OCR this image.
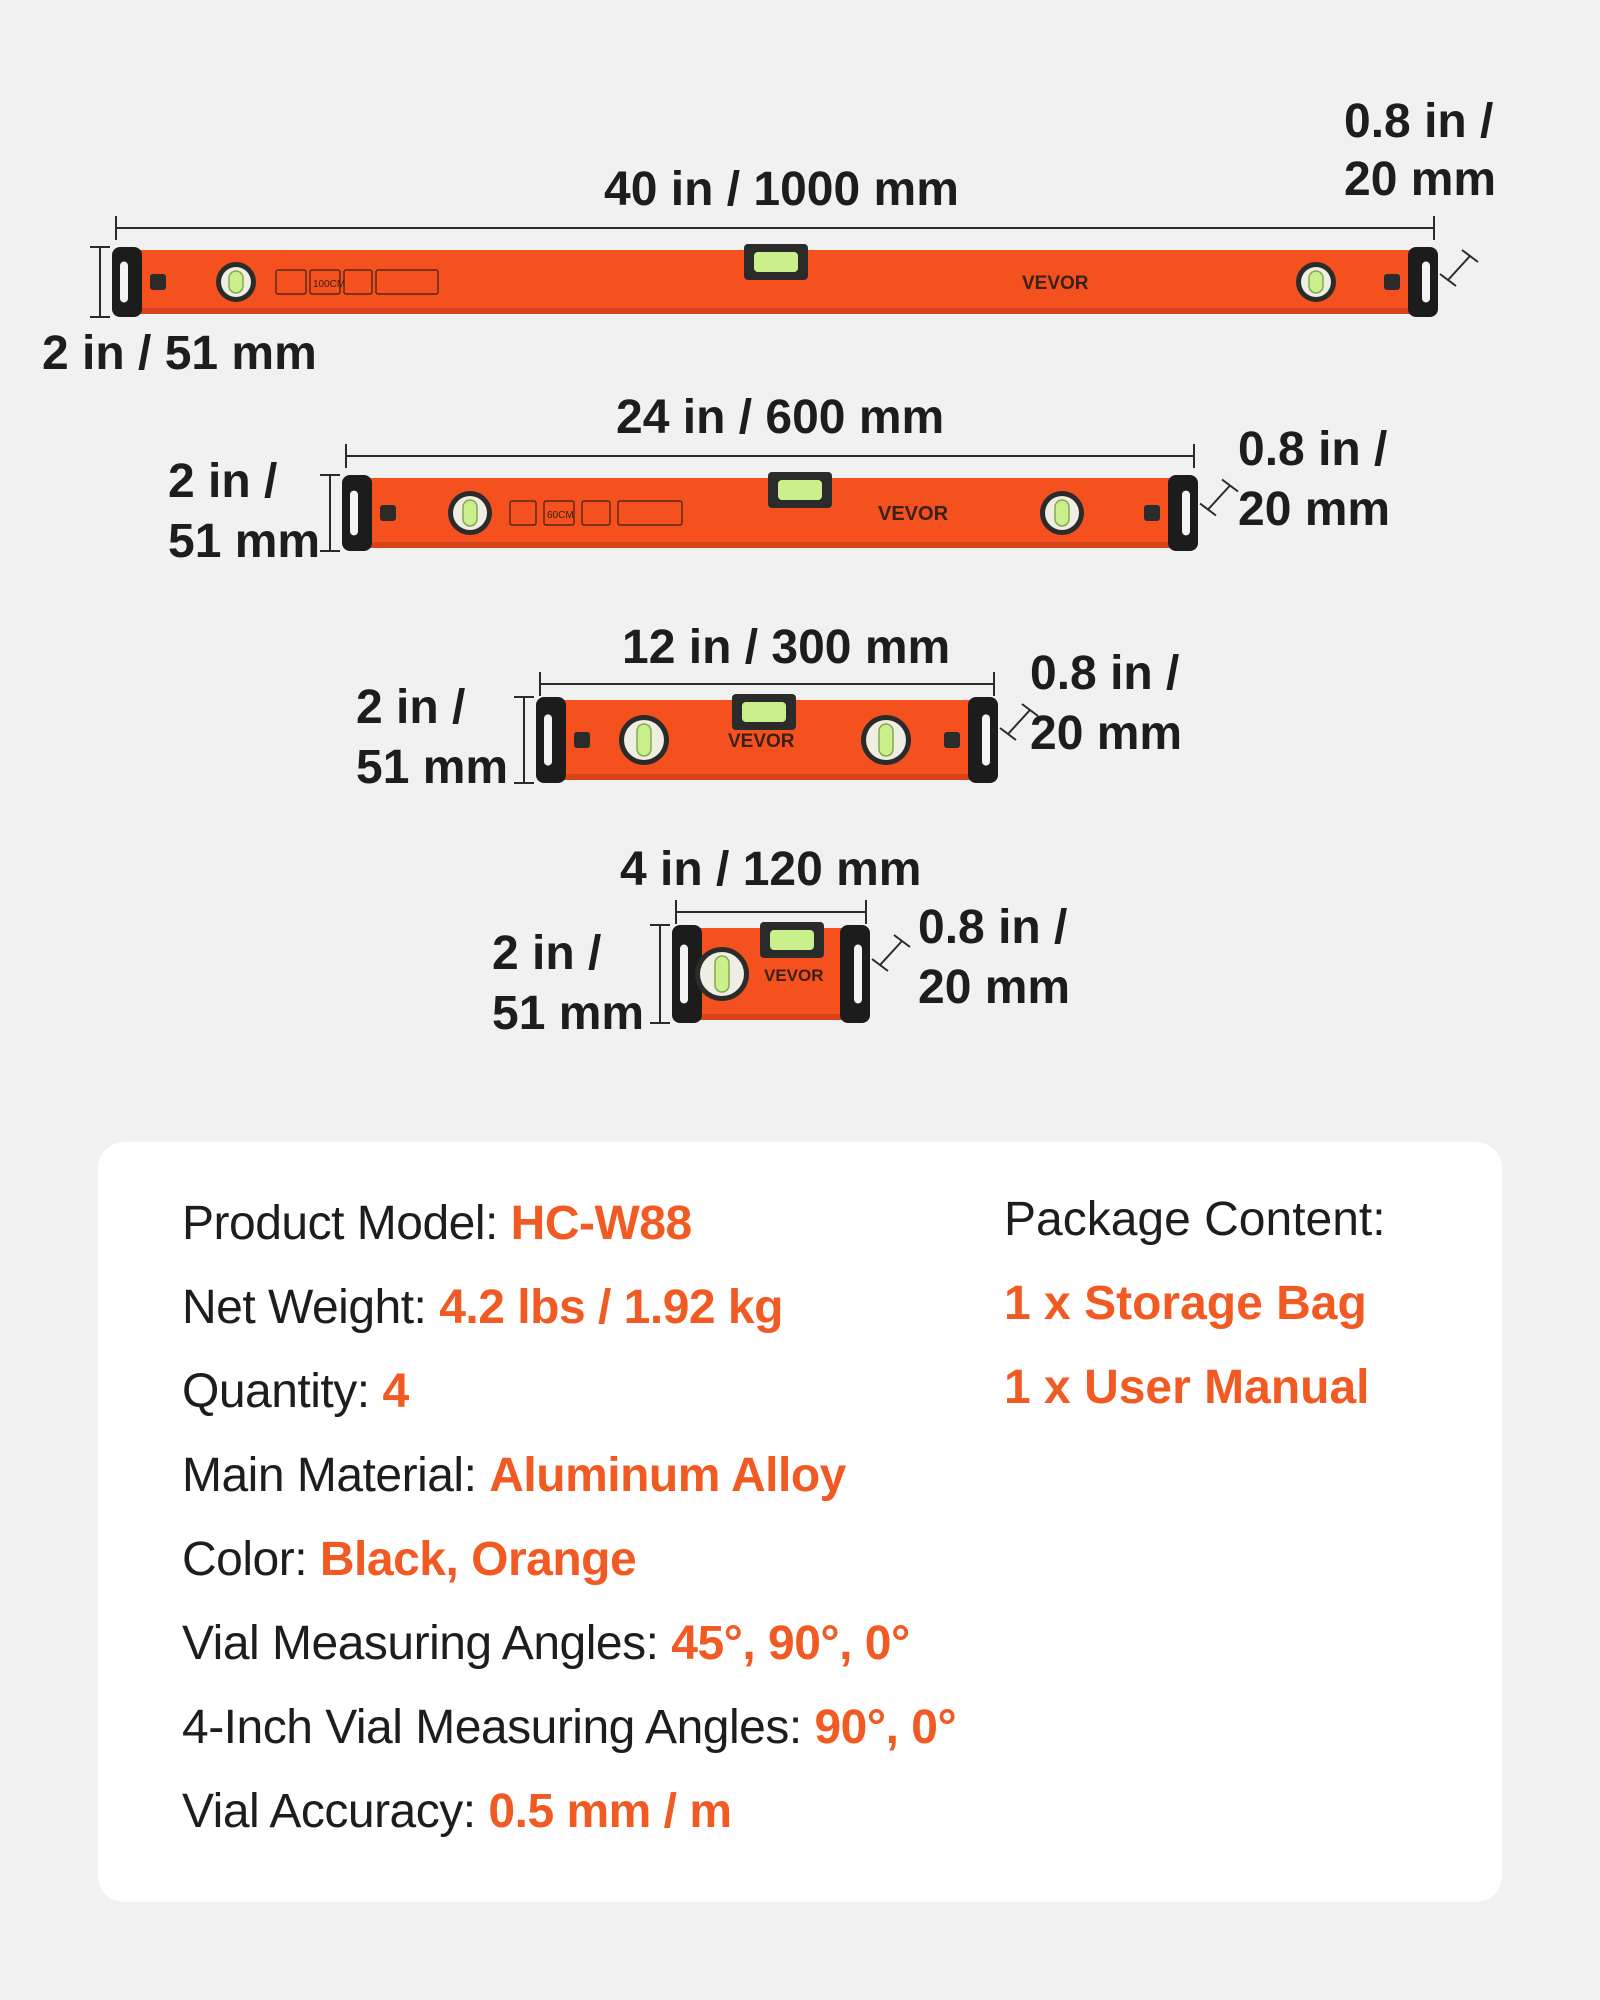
VEVOR
100CM
VEVOR
60CM
VEVOR
VEVOR
40 in / 1000 mm
2 in / 51 mm
0.8 in /
20 mm
24 in / 600 mm
2 in /
51 mm
0.8 in /
20 mm
12 in / 300 mm
2 in /
51 mm
0.8 in /
20 mm
4 in / 120 mm
2 in /
51 mm
0.8 in /
20 mm
Product Model: HC-W88
Net Weight: 4.2 lbs / 1.92 kg
Quantity: 4
Main Material: Aluminum Alloy
Color: Black, Orange
Vial Measuring Angles: 45°, 90°, 0°
4-Inch Vial Measuring Angles: 90°, 0°
Vial Accuracy: 0.5 mm / m
Package Content:
1 x Storage Bag
1 x User Manual
